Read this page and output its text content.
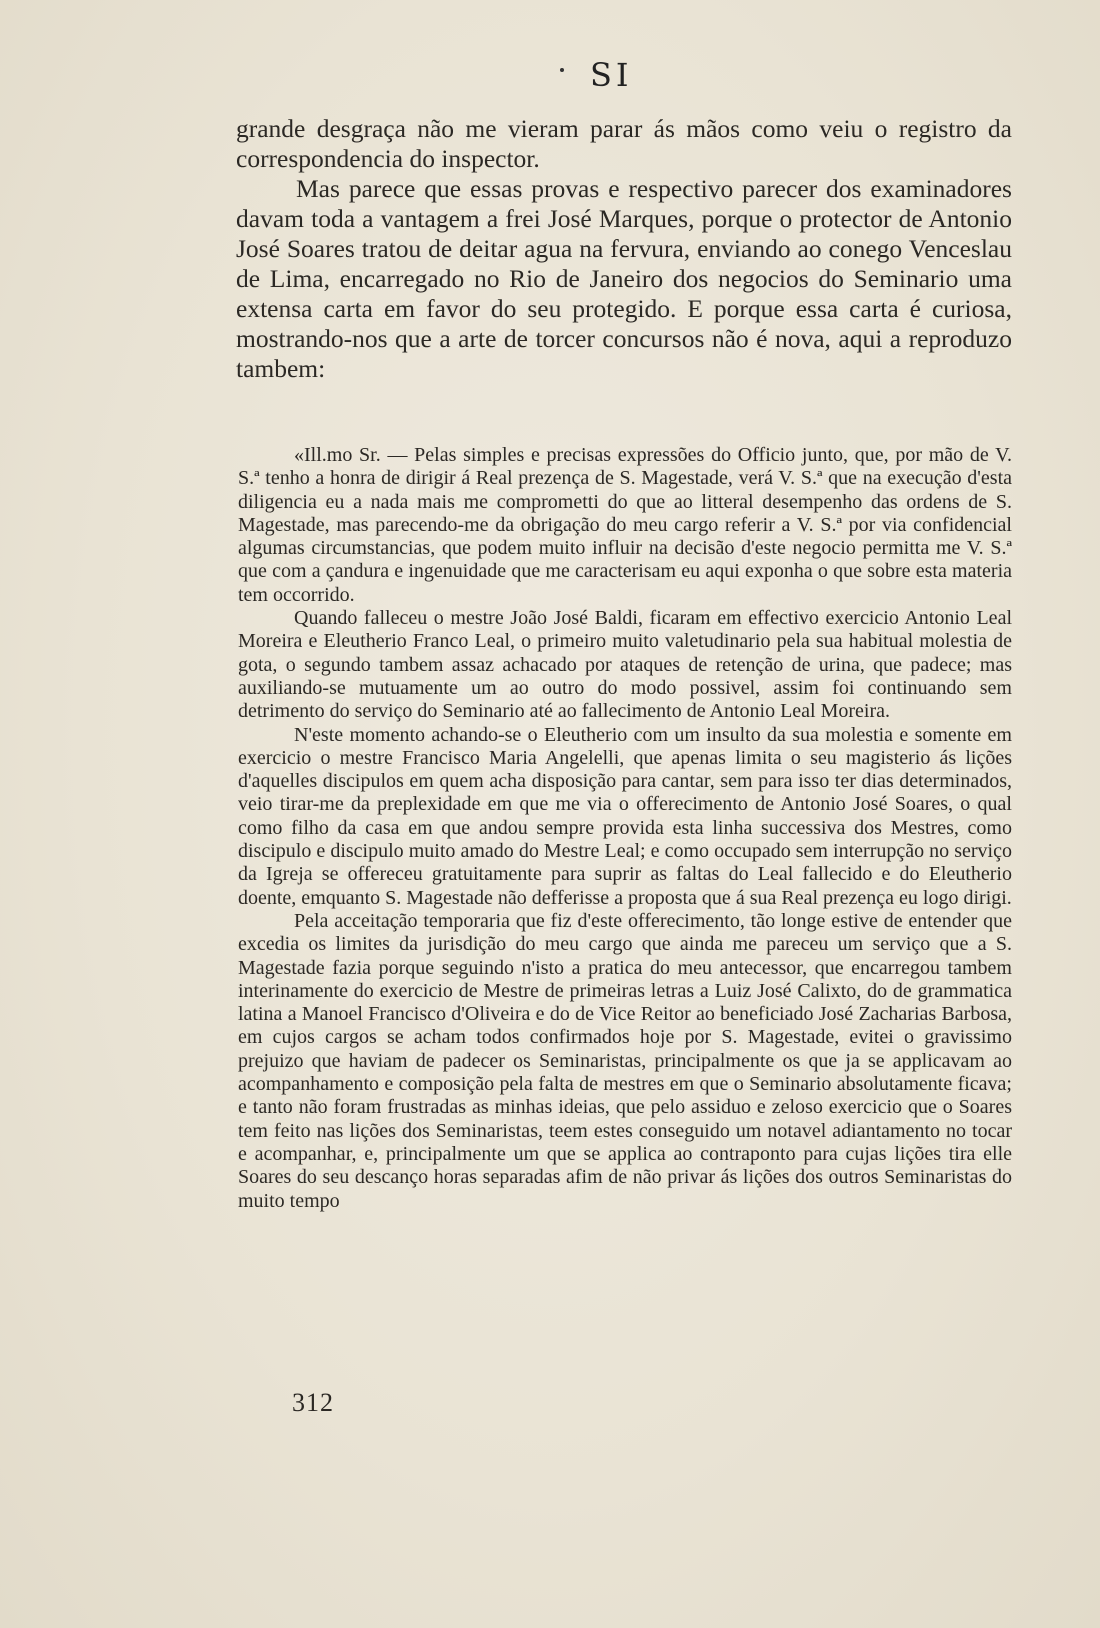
SI

grande desgraça não me vieram parar ás mãos como veiu o registro da correspondencia do inspector.

Mas parece que essas provas e respectivo parecer dos examinadores davam toda a vantagem a frei José Marques, porque o protector de Antonio José Soares tratou de deitar agua na fervura, enviando ao conego Venceslau de Lima, encarregado no Rio de Janeiro dos negocios do Seminario uma extensa carta em favor do seu protegido. E porque essa carta é curiosa, mostrando-nos que a arte de torcer concursos não é nova, aqui a reproduzo tambem:

«Ill.mo Sr. — Pelas simples e precisas expressões do Officio junto, que, por mão de V. S.ª tenho a honra de dirigir á Real prezença de S. Magestade, verá V. S.ª que na execução d'esta diligencia eu a nada mais me comprometti do que ao litteral desempenho das ordens de S. Magestade, mas parecendo-me da obrigação do meu cargo referir a V. S.ª por via confidencial algumas circumstancias, que podem muito influir na decisão d'este negocio permitta me V. S.ª que com a çandura e ingenuidade que me caracterisam eu aqui exponha o que sobre esta materia tem occorrido.

Quando falleceu o mestre João José Baldi, ficaram em effectivo exercicio Antonio Leal Moreira e Eleutherio Franco Leal, o primeiro muito valetudinario pela sua habitual molestia de gota, o segundo tambem assaz achacado por ataques de retenção de urina, que padece; mas auxiliando-se mutuamente um ao outro do modo possivel, assim foi continuando sem detrimento do serviço do Seminario até ao fallecimento de Antonio Leal Moreira.

N'este momento achando-se o Eleutherio com um insulto da sua molestia e somente em exercicio o mestre Francisco Maria Angelelli, que apenas limita o seu magisterio ás lições d'aquelles discipulos em quem acha disposição para cantar, sem para isso ter dias determinados, veio tirar-me da preplexidade em que me via o offerecimento de Antonio José Soares, o qual como filho da casa em que andou sempre provida esta linha successiva dos Mestres, como discipulo e discipulo muito amado do Mestre Leal; e como occupado sem interrupção no serviço da Igreja se offereceu gratuitamente para suprir as faltas do Leal fallecido e do Eleutherio doente, emquanto S. Magestade não defferisse a proposta que á sua Real prezença eu logo dirigi.

Pela acceitação temporaria que fiz d'este offerecimento, tão longe estive de entender que excedia os limites da jurisdição do meu cargo que ainda me pareceu um serviço que a S. Magestade fazia porque seguindo n'isto a pratica do meu antecessor, que encarregou tambem interinamente do exercicio de Mestre de primeiras letras a Luiz José Calixto, do de grammatica latina a Manoel Francisco d'Oliveira e do de Vice Reitor ao beneficiado José Zacharias Barbosa, em cujos cargos se acham todos confirmados hoje por S. Magestade, evitei o gravissimo prejuizo que haviam de padecer os Seminaristas, principalmente os que ja se applicavam ao acompanhamento e composição pela falta de mestres em que o Seminario absolutamente ficava; e tanto não foram frustradas as minhas ideias, que pelo assiduo e zeloso exercicio que o Soares tem feito nas lições dos Seminaristas, teem estes conseguido um notavel adiantamento no tocar e acompanhar, e, principalmente um que se applica ao contraponto para cujas lições tira elle Soares do seu descanço horas separadas afim de não privar ás lições dos outros Seminaristas do muito tempo

312
